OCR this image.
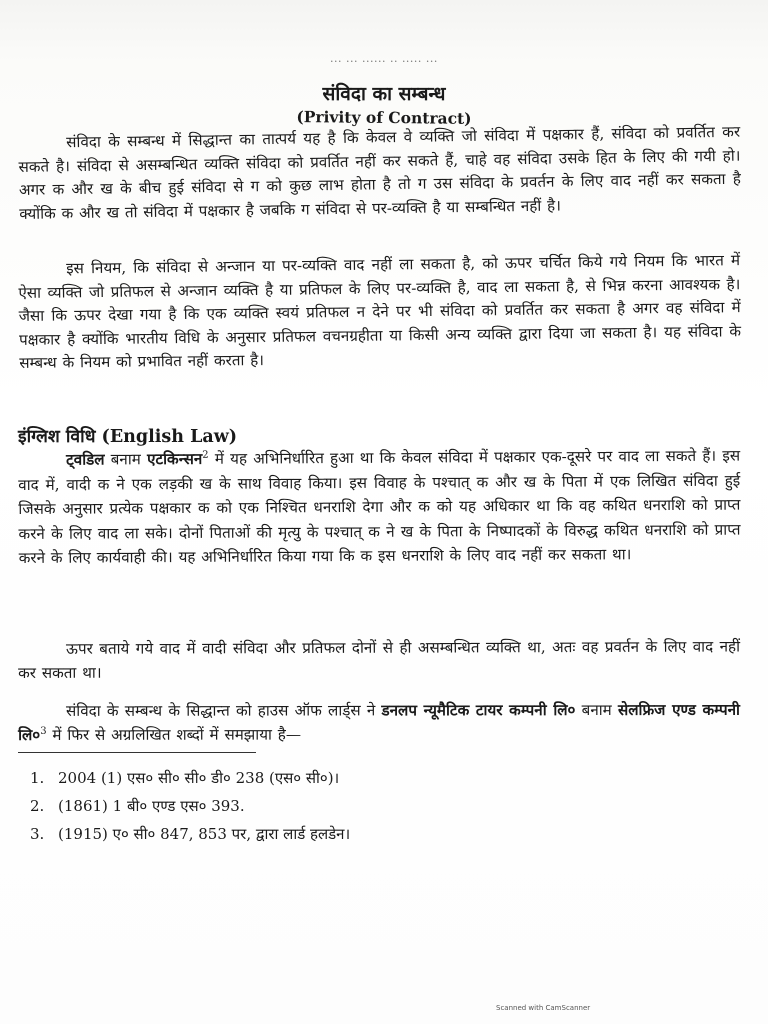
... ... ...... .. ..... ...
संविदा का सम्बन्ध
(Privity of Contract)

संविदा के सम्बन्ध में सिद्धान्त का तात्पर्य यह है कि केवल वे व्यक्ति जो संविदा में पक्षकार हैं, संविदा को प्रवर्तित कर सकते है। संविदा से असम्बन्धित व्यक्ति संविदा को प्रवर्तित नहीं कर सकते हैं, चाहे वह संविदा उसके हित के लिए की गयी हो। अगर क और ख के बीच हुई संविदा से ग को कुछ लाभ होता है तो ग उस संविदा के प्रवर्तन के लिए वाद नहीं कर सकता है क्योंकि क और ख तो संविदा में पक्षकार है जबकि ग संविदा से पर-व्यक्ति है या सम्बन्धित नहीं है।

इस नियम, कि संविदा से अन्जान या पर-व्यक्ति वाद नहीं ला सकता है, को ऊपर चर्चित किये गये नियम कि भारत में ऐसा व्यक्ति जो प्रतिफल से अन्जान व्यक्ति है या प्रतिफल के लिए पर-व्यक्ति है, वाद ला सकता है, से भिन्न करना आवश्यक है। जैसा कि ऊपर देखा गया है कि एक व्यक्ति स्वयं प्रतिफल न देने पर भी संविदा को प्रवर्तित कर सकता है अगर वह संविदा में पक्षकार है क्योंकि भारतीय विधि के अनुसार प्रतिफल वचनग्रहीता या किसी अन्य व्यक्ति द्वारा दिया जा सकता है। यह संविदा के सम्बन्ध के नियम को प्रभावित नहीं करता है।

इंग्लिश विधि (English Law)

ट्वडिल बनाम एटकिन्सन$^2$ में यह अभिनिर्धारित हुआ था कि केवल संविदा में पक्षकार एक-दूसरे पर वाद ला सकते हैं। इस वाद में, वादी क ने एक लड़की ख के साथ विवाह किया। इस विवाह के पश्चात् क और ख के पिता में एक लिखित संविदा हुई जिसके अनुसार प्रत्येक पक्षकार क को एक निश्चित धनराशि देगा और क को यह अधिकार था कि वह कथित धनराशि को प्राप्त करने के लिए वाद ला सके। दोनों पिताओं की मृत्यु के पश्चात् क ने ख के पिता के निष्पादकों के विरुद्ध कथित धनराशि को प्राप्त करने के लिए कार्यवाही की। यह अभिनिर्धारित किया गया कि क इस धनराशि के लिए वाद नहीं कर सकता था।

ऊपर बताये गये वाद में वादी संविदा और प्रतिफल दोनों से ही असम्बन्धित व्यक्ति था, अतः वह प्रवर्तन के लिए वाद नहीं कर सकता था।

संविदा के सम्बन्ध के सिद्धान्त को हाउस ऑफ लार्ड्स ने डनलप न्यूमैटिक टायर कम्पनी लि० बनाम सेलफ्रिज एण्ड कम्पनी $लि०^3$ में फिर से अग्रलिखित शब्दों में समझाया है—

1. 2004 (1) एस० सी० सी० डी० 238 (एस० सी०)।
2. (1861) 1 बी० एण्ड एस० 393.
3. (1915) ए० सी० 847, 853 पर, द्वारा लार्ड हलडेन।
Scanned with CamScanner
